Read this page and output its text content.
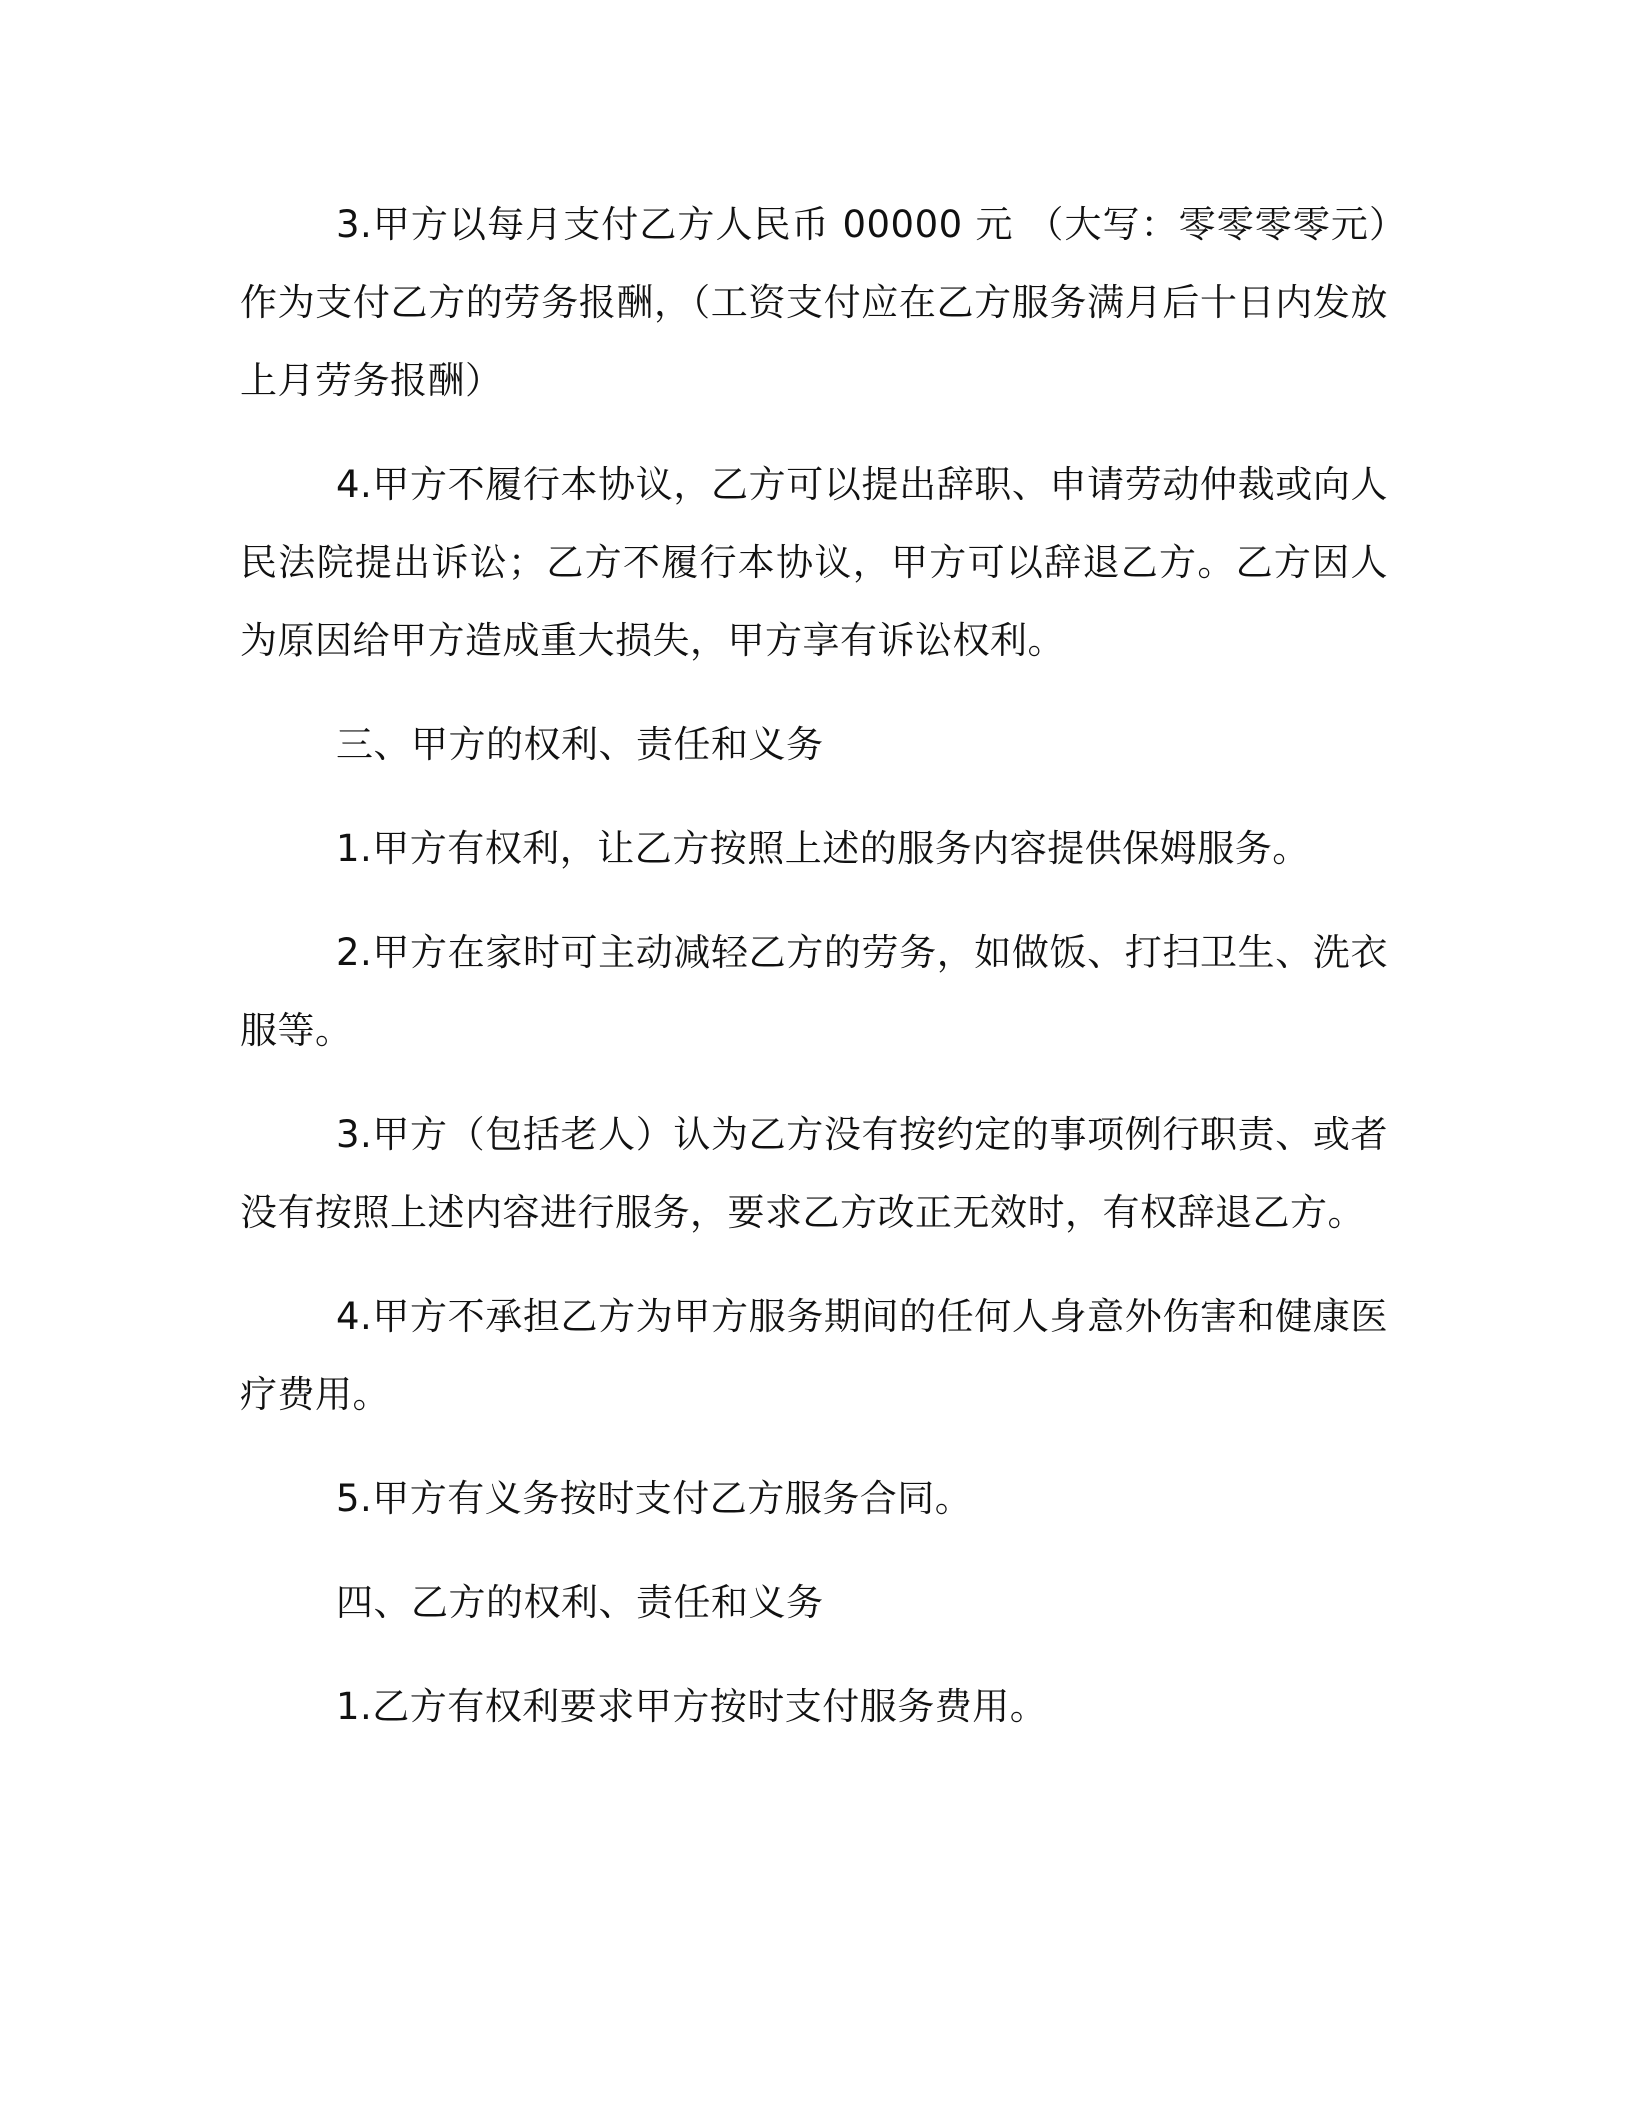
3.甲方以每月支付乙方人民币 00000 元 （大写：零零零零元）作为支付乙方的劳务报酬，（工资支付应在乙方服务满月后十日内发放上月劳务报酬）

4.甲方不履行本协议，乙方可以提出辞职、申请劳动仲裁或向人民法院提出诉讼；乙方不履行本协议，甲方可以辞退乙方。乙方因人为原因给甲方造成重大损失，甲方享有诉讼权利。

三、甲方的权利、责任和义务

1.甲方有权利，让乙方按照上述的服务内容提供保姆服务。

2.甲方在家时可主动减轻乙方的劳务，如做饭、打扫卫生、洗衣服等。

3.甲方（包括老人）认为乙方没有按约定的事项例行职责、或者没有按照上述内容进行服务，要求乙方改正无效时，有权辞退乙方。

4.甲方不承担乙方为甲方服务期间的任何人身意外伤害和健康医疗费用。

5.甲方有义务按时支付乙方服务合同。

四、乙方的权利、责任和义务

1.乙方有权利要求甲方按时支付服务费用。
